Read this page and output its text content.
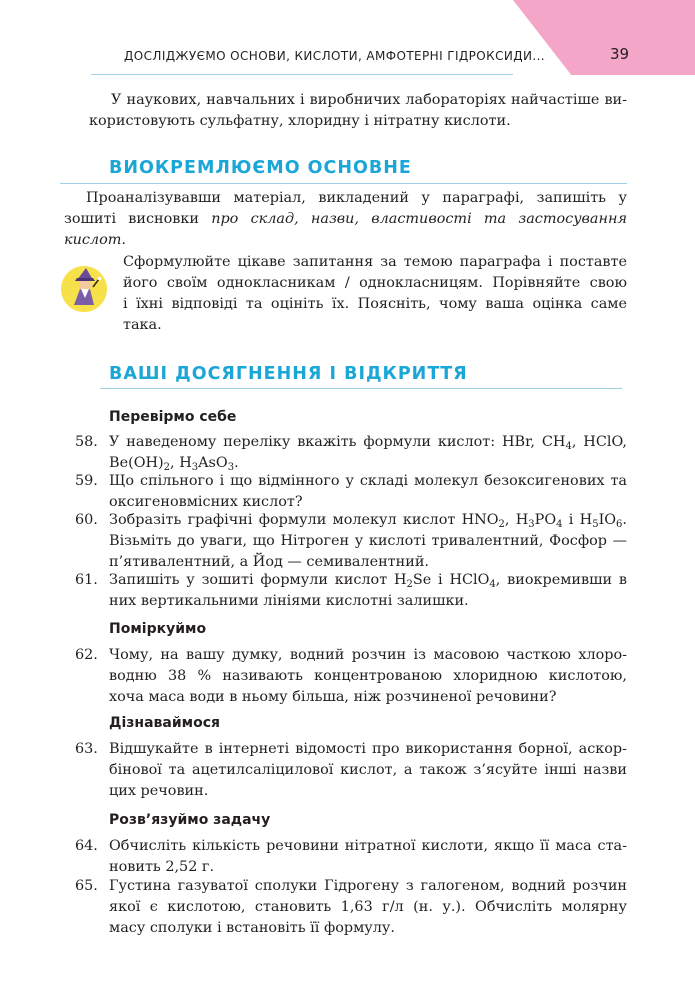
ДОСЛІДЖУЄМО ОСНОВИ, КИСЛОТИ, АМФОТЕРНІ ГІДРОКСИДИ...	39
У наукових, навчальних і виробничих лабораторіях найчастіше ви-
користовують сульфатну, хлоридну і нітратну кислоти.
ВИОКРЕМЛЮЄМО ОСНОВНЕ
Проаналізувавши матеріал, викладений у параграфі, запишіть у зошиті висновки про склад, назви, властивості та застосування кислот.
Сформулюйте цікаве запитання за темою параграфа і поставте
його своїм однокласникам / однокласницям. Порівняйте свою
і їхні відповіді та оцініть їх. Поясніть, чому ваша оцінка саме
така.
ВАШІ ДОСЯГНЕННЯ І ВІДКРИТТЯ
Перевірмо себе
58. У наведеному переліку вкажіть формули кислот: HBr, $CH_4$, HClO,
$Be(OH)_2$, $H_3AsO_3$.
59. Що спільного і що відмінного у складі молекул безоксигенових та
оксигеновмісних кислот?
60. Зобразіть графічні формули молекул кислот $HNO_2$, $H_3PO_4$ і $H_5IO_6$.
Візьміть до уваги, що Нітроген у кислоті тривалентний, Фосфор —
п’ятивалентний, а Йод — семивалентний.
61. Запишіть у зошиті формули кислот $H_2Se$ і HClO$_4$, виокремивши в
них вертикальними лініями кислотні залишки.
Поміркуймо
62. Чому, на вашу думку, водний розчин із масовою часткою хлоро-
водню 38 % називають концентрованою хлоридною кислотою,
хоча маса води в ньому більша, ніж розчиненої речовини?
Дізнаваймося
63. Відшукайте в інтернеті відомості про використання борної, аскор-
бінової та ацетилсаліцилової кислот, а також з’ясуйте інші назви
цих речовин.
Розв’язуймо задачу
64. Обчисліть кількість речовини нітратної кислоти, якщо її маса ста-
новить 2,52 г.
65. Густина газуватої сполуки Гідрогену з галогеном, водний розчин
якої є кислотою, становить 1,63 г/л (н. у.). Обчисліть молярну
масу сполуки і встановіть її формулу.
